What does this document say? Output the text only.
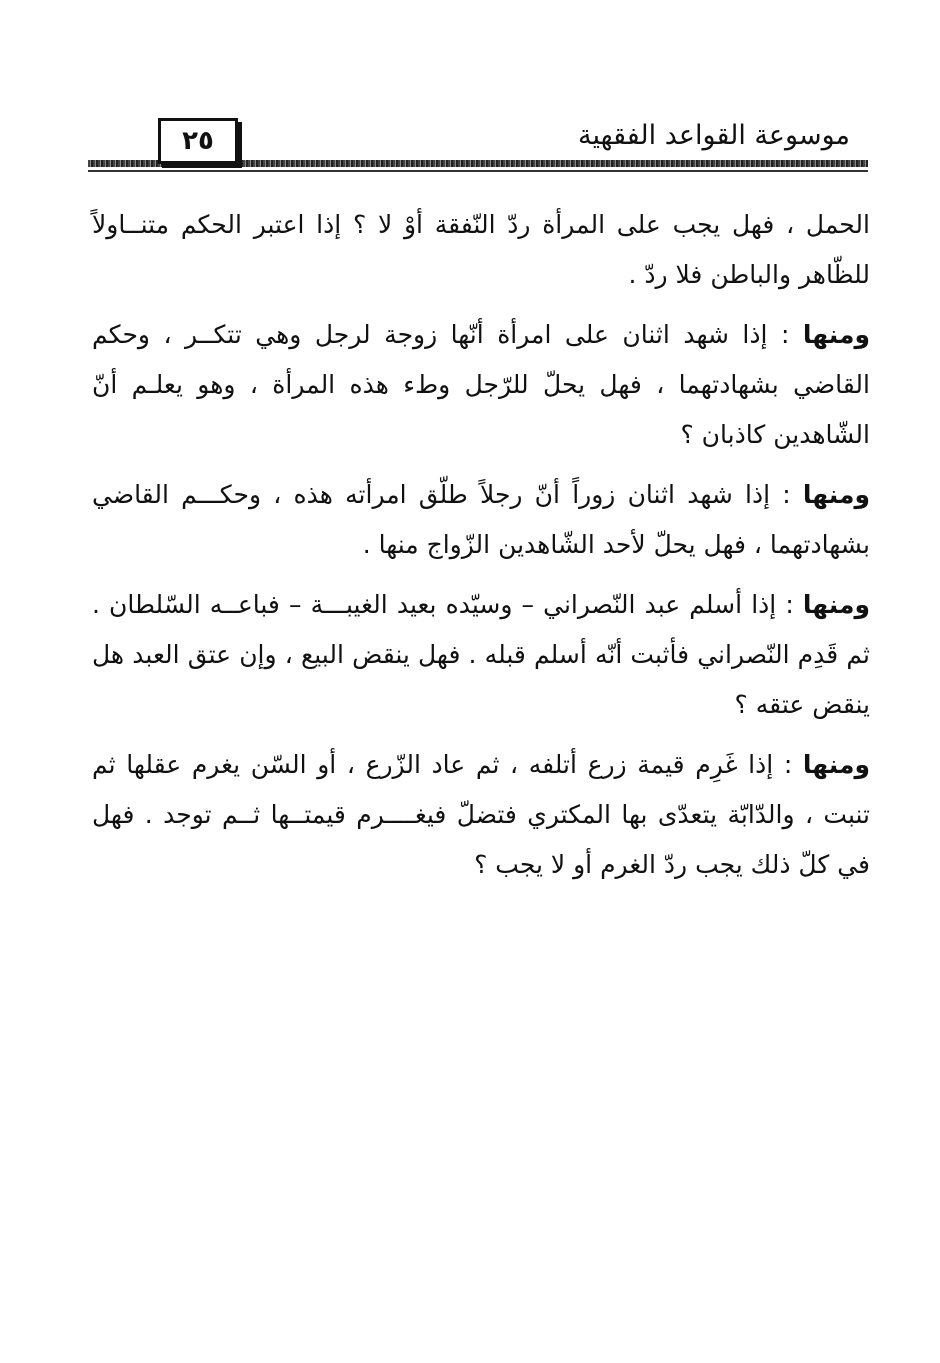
موسوعة القواعد الفقهية
٢٥

الحمل ، فهل يجب على المرأة ردّ النّفقة أوْ لا ؟ إذا اعتبر الحكم متنــاولاً للظّاهر والباطن فلا ردّ .

ومنها : إذا شهد اثنان على امرأة أنّها زوجة لرجل وهي تتكــر ، وحكم القاضي بشهادتهما ، فهل يحلّ للرّجل وطء هذه المرأة ، وهو يعلـم أنّ الشّاهدين كاذبان ؟

ومنها : إذا شهد اثنان زوراً أنّ رجلاً طلّق امرأته هذه ، وحكـــم القاضي بشهادتهما ، فهل يحلّ لأحد الشّاهدين الزّواج منها .

ومنها : إذا أسلم عبد النّصراني – وسيّده بعيد الغيبـــة – فباعــه السّلطان . ثم قَدِم النّصراني فأثبت أنّه أسلم قبله . فهل ينقض البيع ، وإن عتق العبد هل ينقض عتقه ؟

ومنها : إذا غَرِم قيمة زرع أتلفه ، ثم عاد الزّرع ، أو السّن يغرم عقلها ثم تنبت ، والدّابّة يتعدّى بها المكتري فتضلّ فيغــــرم قيمتــها ثــم توجد . فهل في كلّ ذلك يجب ردّ الغرم أو لا يجب ؟
